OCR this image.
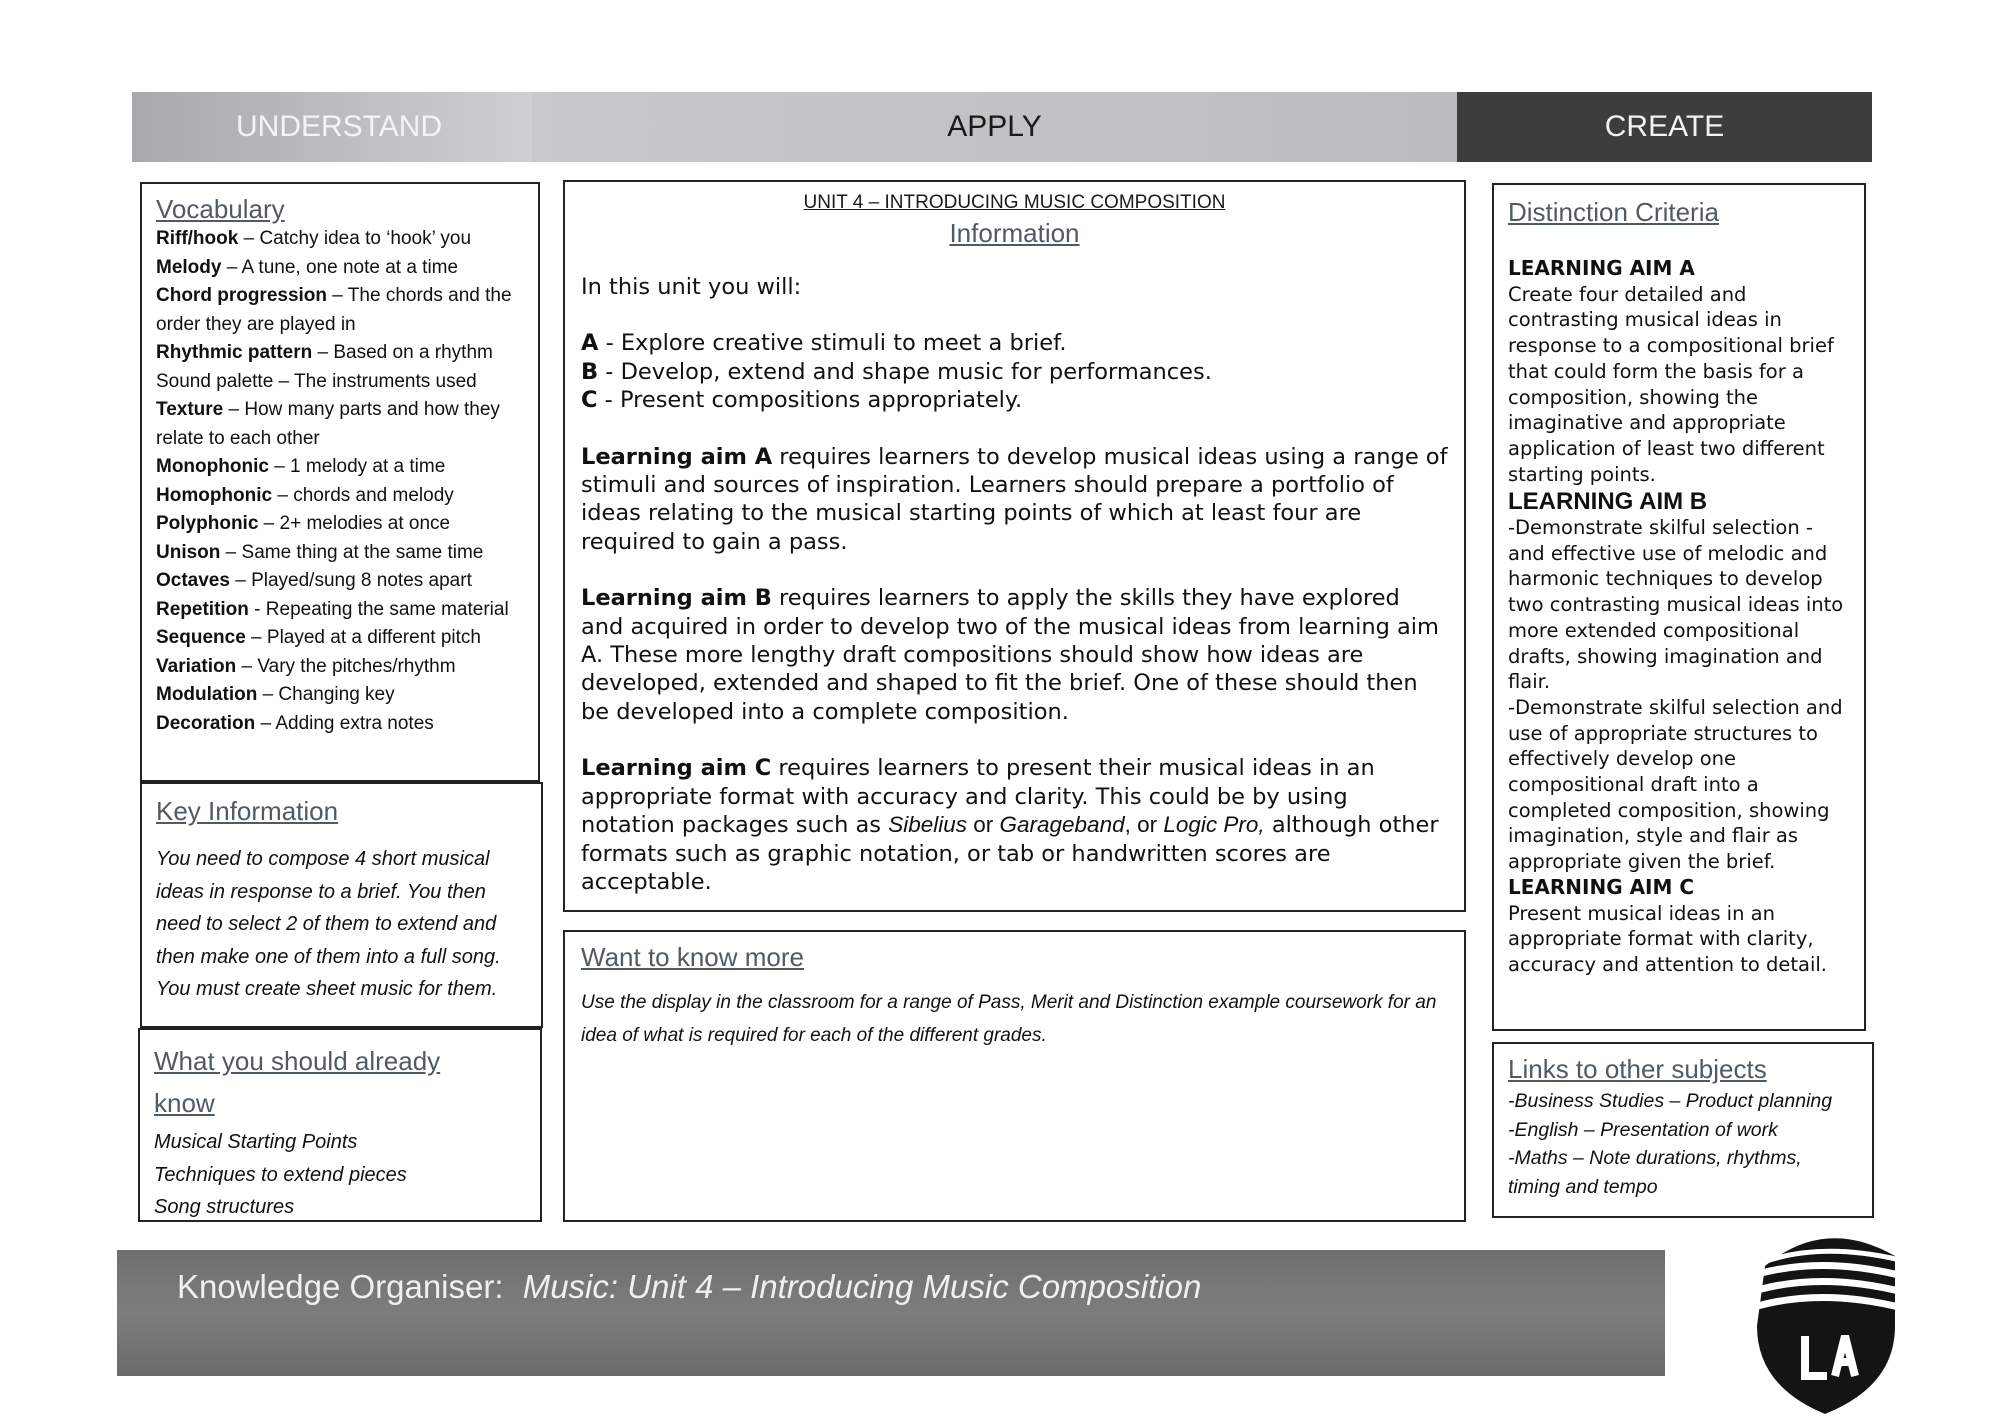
UNDERSTAND	APPLY	CREATE
Vocabulary
Riff/hook – Catchy idea to ‘hook’ you
Melody – A tune, one note at a time
Chord progression – The chords and the order they are played in
Rhythmic pattern – Based on a rhythm
Sound palette – The instruments used
Texture – How many parts and how they relate to each other
Monophonic – 1 melody at a time
Homophonic – chords and melody
Polyphonic – 2+ melodies at once
Unison – Same thing at the same time
Octaves – Played/sung 8 notes apart
Repetition - Repeating the same material
Sequence – Played at a different pitch
Variation – Vary the pitches/rhythm
Modulation – Changing key
Decoration – Adding extra notes
Key Information
You need to compose 4 short musical ideas in response to a brief. You then need to select 2 of them to extend and then make one of them into a full song. You must create sheet music for them.
What you should already know
Musical Starting Points
Techniques to extend pieces
Song structures
UNIT 4 – INTRODUCING MUSIC COMPOSITION
Information

In this unit you will:

A - Explore creative stimuli to meet a brief.

B - Develop, extend and shape music for performances.

C - Present compositions appropriately.

Learning aim A requires learners to develop musical ideas using a range of stimuli and sources of inspiration. Learners should prepare a portfolio of ideas relating to the musical starting points of which at least four are required to gain a pass.

Learning aim B requires learners to apply the skills they have explored and acquired in order to develop two of the musical ideas from learning aim A. These more lengthy draft compositions should show how ideas are developed, extended and shaped to fit the brief. One of these should then be developed into a complete composition.

Learning aim C requires learners to present their musical ideas in an appropriate format with accuracy and clarity. This could be by using notation packages such as Sibelius or Garageband, or Logic Pro, although other formats such as graphic notation, or tab or handwritten scores are acceptable.

Want to know more
Use the display in the classroom for a range of Pass, Merit and Distinction example coursework for an idea of what is required for each of the different grades.
Distinction Criteria
LEARNING AIM A
Create four detailed and contrasting musical ideas in response to a compositional brief that could form the basis for a composition, showing the imaginative and appropriate application of least two different starting points.
LEARNING AIM B
-Demonstrate skilful selection - and effective use of melodic and harmonic techniques to develop two contrasting musical ideas into more extended compositional drafts, showing imagination and flair.
-Demonstrate skilful selection and use of appropriate structures to effectively develop one compositional draft into a completed composition, showing imagination, style and flair as appropriate given the brief.
LEARNING AIM C
Present musical ideas in an appropriate format with clarity, accuracy and attention to detail.
Links to other subjects
-Business Studies – Product planning
-English – Presentation of work
-Maths – Note durations, rhythms, timing and tempo
Knowledge Organiser: Music: Unit 4 – Introducing Music Composition
